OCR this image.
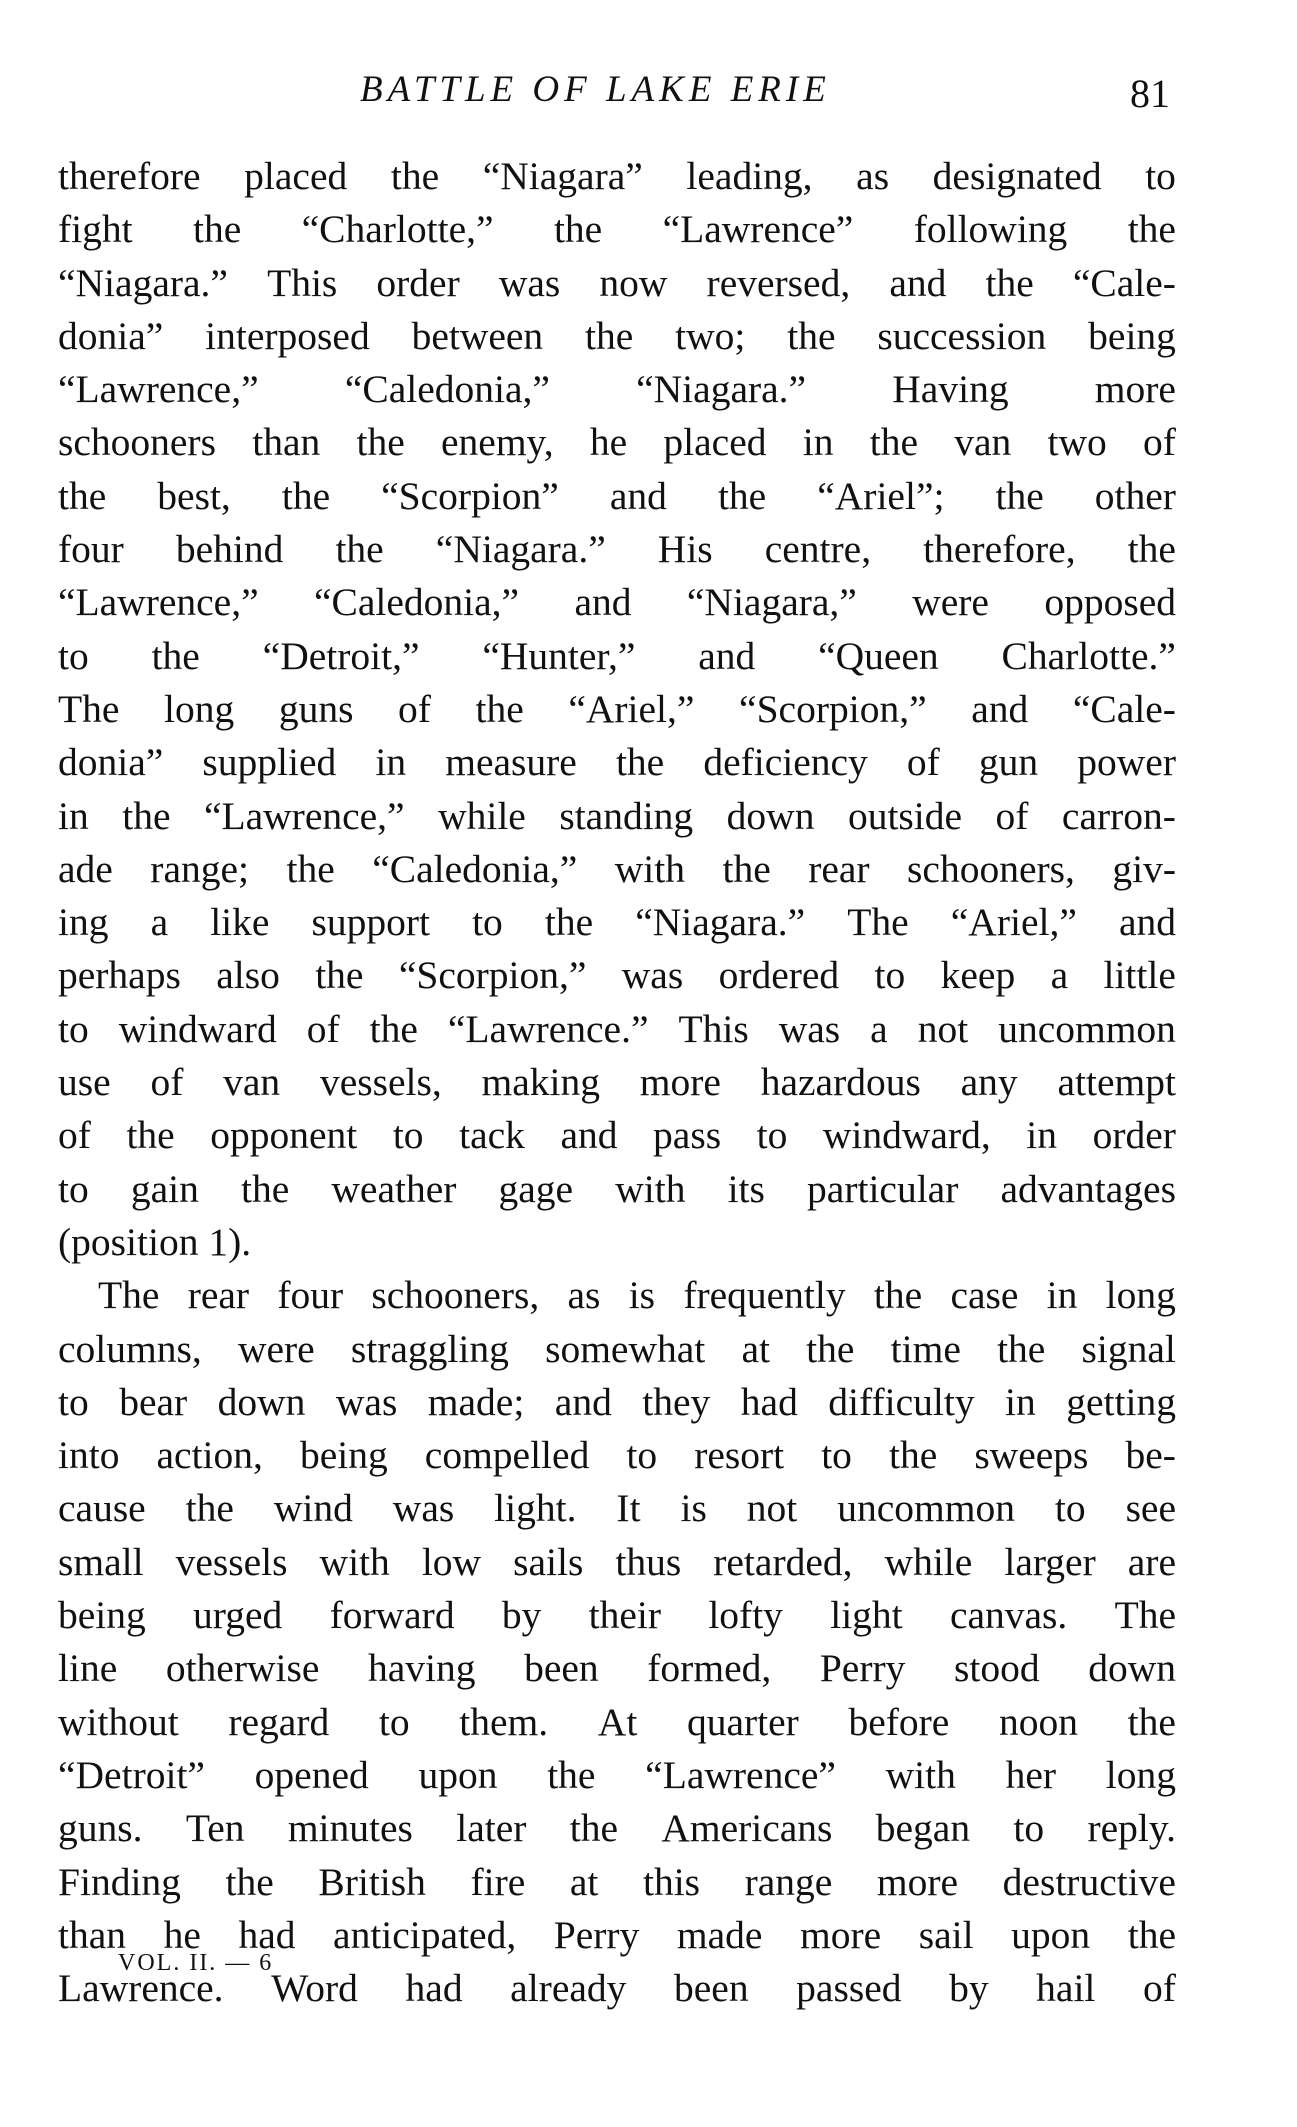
BATTLE OF LAKE ERIE	81
therefore placed the “Niagara” leading, as designated to
fight the “Charlotte,” the “Lawrence” following the
“Niagara.” This order was now reversed, and the “Cale-
donia” interposed between the two; the succession being
“Lawrence,” “Caledonia,” “Niagara.” Having more
schooners than the enemy, he placed in the van two of
the best, the “Scorpion” and the “Ariel”; the other
four behind the “Niagara.” His centre, therefore, the
“Lawrence,” “Caledonia,” and “Niagara,” were opposed
to the “Detroit,” “Hunter,” and “Queen Charlotte.”
The long guns of the “Ariel,” “Scorpion,” and “Cale-
donia” supplied in measure the deficiency of gun power
in the “Lawrence,” while standing down outside of carron-
ade range; the “Caledonia,” with the rear schooners, giv-
ing a like support to the “Niagara.” The “Ariel,” and
perhaps also the “Scorpion,” was ordered to keep a little
to windward of the “Lawrence.” This was a not uncommon
use of van vessels, making more hazardous any attempt
of the opponent to tack and pass to windward, in order
to gain the weather gage with its particular advantages
(position 1).
The rear four schooners, as is frequently the case in long
columns, were straggling somewhat at the time the signal
to bear down was made; and they had difficulty in getting
into action, being compelled to resort to the sweeps be-
cause the wind was light. It is not uncommon to see
small vessels with low sails thus retarded, while larger are
being urged forward by their lofty light canvas. The
line otherwise having been formed, Perry stood down
without regard to them. At quarter before noon the
“Detroit” opened upon the “Lawrence” with her long
guns. Ten minutes later the Americans began to reply.
Finding the British fire at this range more destructive
than he had anticipated, Perry made more sail upon the
Lawrence. Word had already been passed by hail of
VOL. II. — 6
